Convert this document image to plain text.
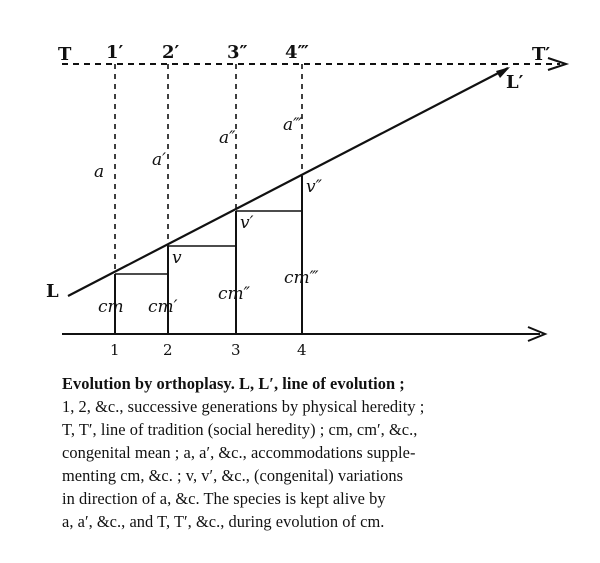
T	T′
L
L′
1′ 2′	3″ 4‴
a
a′
a″
a‴
v
v′
v″
cm cm′
cm″
cm‴
1	2	3	4
Evolution by orthoplasy. L, L′, line of evolution ;
1, 2, &c., successive generations by physical heredity ;
T, T′, line of tradition (social heredity) ; cm, cm′, &c.,
congenital mean ; a, a′, &c., accommodations supple-
menting cm, &c. ; v, v′, &c., (congenital) variations
in direction of a, &c. The species is kept alive by
a, a′, &c., and T, T′, &c., during evolution of cm.
